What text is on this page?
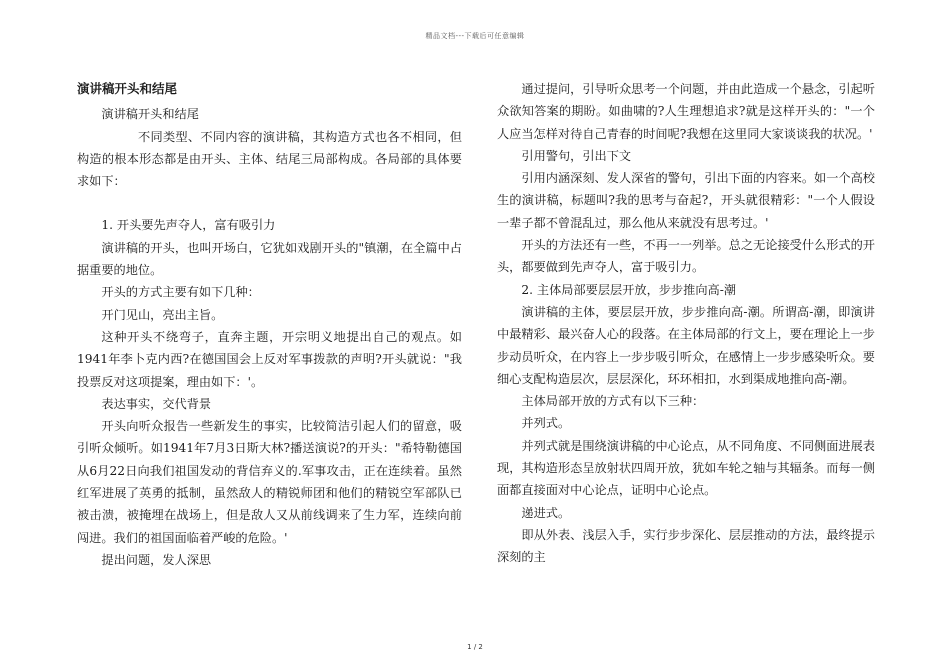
精品文档---下载后可任意编辑

演讲稿开头和结尾

演讲稿开头和结尾

不同类型、不同内容的演讲稿，其构造方式也各不相同，但构造的根本形态都是由开头、主体、结尾三局部构成。各局部的具体要求如下：

1. 开头要先声夺人，富有吸引力

演讲稿的开头，也叫开场白，它犹如戏剧开头的"镇潮，在全篇中占据重要的地位。

开头的方式主要有如下几种：

开门见山，亮出主旨。

这种开头不绕弯子，直奔主题，开宗明义地提出自己的观点。如1941年李卜克内西?在德国国会上反对军事拨款的声明?开头就说："我投票反对这项提案，理由如下：'。

表达事实，交代背景

开头向听众报告一些新发生的事实，比较简洁引起人们的留意，吸引听众倾听。如1941年7月3日斯大林?播送演说?的开头："希特勒德国从6月22日向我们祖国发动的背信弃义的.军事攻击，正在连续着。虽然红军进展了英勇的抵制，虽然敌人的精锐师团和他们的精锐空军部队已被击溃，被掩埋在战场上，但是敌人又从前线调来了生力军，连续向前闯进。我们的祖国面临着严峻的危险。'

提出问题，发人深思

通过提问，引导听众思考一个问题，并由此造成一个悬念，引起听众欲知答案的期盼。如曲啸的?人生理想追求?就是这样开头的："一个人应当怎样对待自己青春的时间呢?我想在这里同大家谈谈我的状况。'

引用警句，引出下文

引用内涵深刻、发人深省的警句，引出下面的内容来。如一个高校生的演讲稿，标题叫?我的思考与奋起?，开头就很精彩："一个人假设一辈子都不曾混乱过，那么他从来就没有思考过。'

开头的方法还有一些，不再一一列举。总之无论接受什么形式的开头，都要做到先声夺人，富于吸引力。

2. 主体局部要层层开放，步步推向高-潮

演讲稿的主体，要层层开放，步步推向高-潮。所谓高-潮，即演讲中最精彩、最兴奋人心的段落。在主体局部的行文上，要在理论上一步步动员听众，在内容上一步步吸引听众，在感情上一步步感染听众。要细心支配构造层次，层层深化，环环相扣，水到渠成地推向高-潮。

主体局部开放的方式有以下三种：

并列式。

并列式就是围绕演讲稿的中心论点，从不同角度、不同侧面进展表现，其构造形态呈放射状四周开放，犹如车轮之轴与其辐条。而每一侧面都直接面对中心论点，证明中心论点。

递进式。

即从外表、浅层入手，实行步步深化、层层推动的方法，最终提示深刻的主

1 / 2
